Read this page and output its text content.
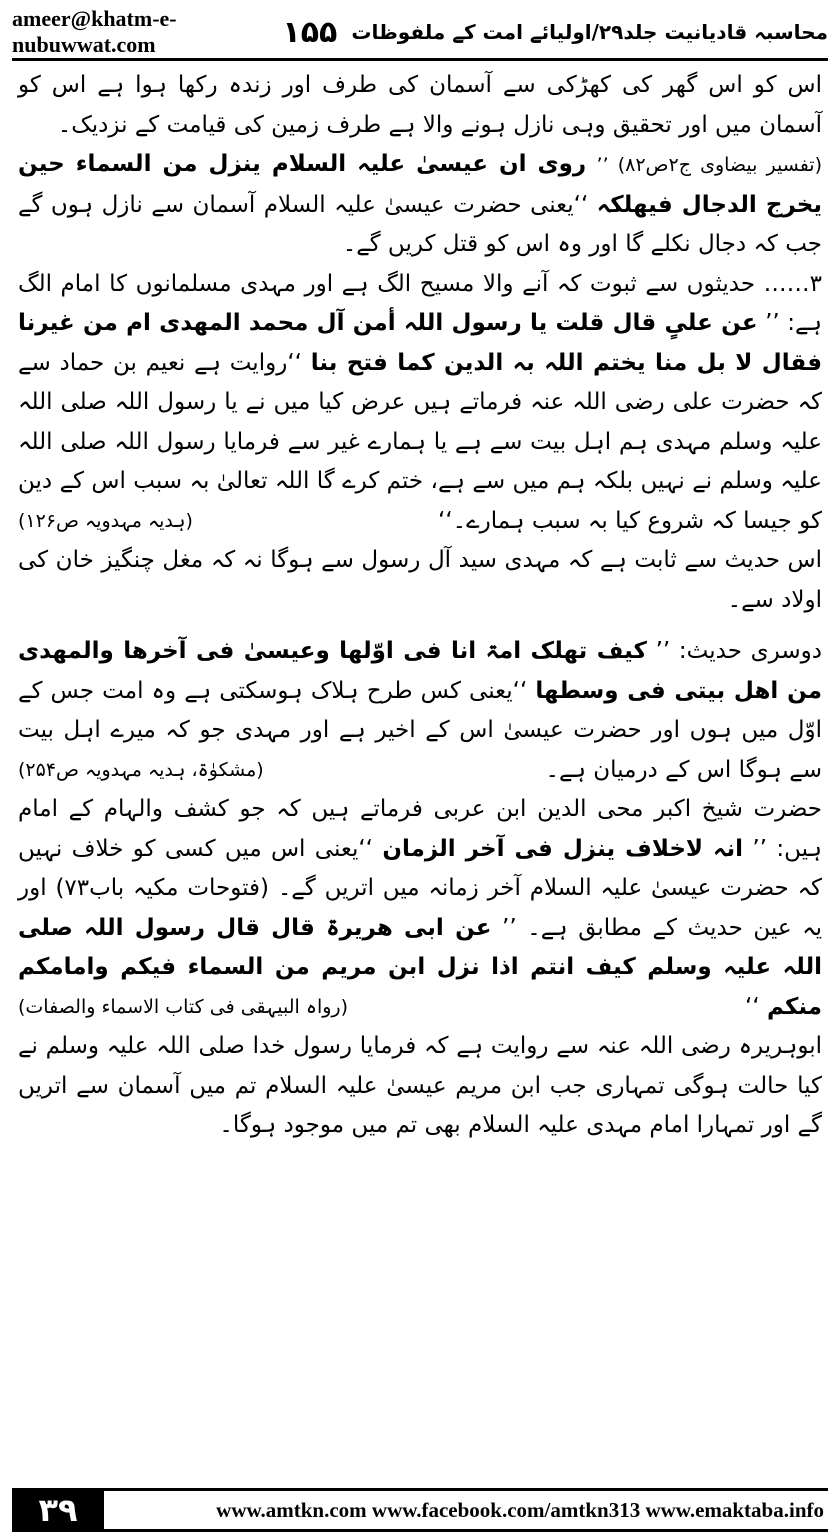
ameer@khatm-e-nubuwwat.com	۱۵۵ محاسبہ قادیانیت جلد۲۹/اولیائے امت کے ملفوظات

اس کو اس گھر کی کھڑکی سے آسمان کی طرف اور زندہ رکھا ہوا ہے اس کو آسمان میں اور تحقیق وہی نازل ہونے والا ہے طرف زمین کی قیامت کے نزدیک۔

(تفسیر بیضاوی ج۲ص۸۲) ’’ روی ان عیسیٰ علیہ السلام ینزل من السماء حین یخرج الدجال فیھلکہ ‘‘یعنی حضرت عیسیٰ علیہ السلام آسمان سے نازل ہوں گے جب کہ دجال نکلے گا اور وہ اس کو قتل کریں گے۔

۳…… حدیثوں سے ثبوت کہ آنے والا مسیح الگ ہے اور مہدی مسلمانوں کا امام الگ ہے: ’’ عن علیٍ قال قلت یا رسول اللہ أمن آل محمد المھدی ام من غیرنا فقال لا بل منا یختم اللہ بہ الدین کما فتح بنا ‘‘روایت ہے نعیم بن حماد سے کہ حضرت علی رضی اللہ عنہ فرماتے ہیں عرض کیا میں نے یا رسول اللہ صلی اللہ علیہ وسلم مہدی ہم اہل بیت سے ہے یا ہمارے غیر سے فرمایا رسول اللہ صلی اللہ علیہ وسلم نے نہیں بلکہ ہم میں سے ہے، ختم کرے گا اللہ تعالیٰ بہ سبب اس کے دین کو جیسا کہ شروع کیا بہ سبب ہمارے۔‘‘
(ہدیہ مہدویہ ص۱۲۶)

اس حدیث سے ثابت ہے کہ مہدی سید آل رسول سے ہوگا نہ کہ مغل چنگیز خان کی اولاد سے۔

دوسری حدیث: ’’ کیف تھلک امۃ انا فی اوّلھا وعیسیٰ فی آخرھا والمھدی من اھل بیتی فی وسطھا ‘‘یعنی کس طرح ہلاک ہوسکتی ہے وہ امت جس کے اوّل میں ہوں اور حضرت عیسیٰ اس کے اخیر ہے اور مہدی جو کہ میرے اہل بیت سے ہوگا اس کے درمیان ہے۔
(مشکوٰۃ، ہدیہ مہدویہ ص۲۵۴)

حضرت شیخ اکبر محی الدین ابن عربی فرماتے ہیں کہ جو کشف والہام کے امام ہیں: ’’ انہ لاخلاف ینزل فی آخر الزمان ‘‘یعنی اس میں کسی کو خلاف نہیں کہ حضرت عیسیٰ علیہ السلام آخر زمانہ میں اتریں گے۔ (فتوحات مکیہ باب۷۳) اور یہ عین حدیث کے مطابق ہے۔ ’’ عن ابی ھریرۃ قال قال رسول اللہ صلی اللہ علیہ وسلم کیف انتم اذا نزل ابن مریم من السماء فیکم وامامکم منکم ‘‘
(رواہ البیہقی فی کتاب الاسماء والصفات)

ابوہریرہ رضی اللہ عنہ سے روایت ہے کہ فرمایا رسول خدا صلی اللہ علیہ وسلم نے کیا حالت ہوگی تمہاری جب ابن مریم عیسیٰ علیہ السلام تم میں آسمان سے اتریں گے اور تمہارا امام مہدی علیہ السلام بھی تم میں موجود ہوگا۔

۳۹	www.amtkn.com www.facebook.com/amtkn313 www.emaktaba.info
